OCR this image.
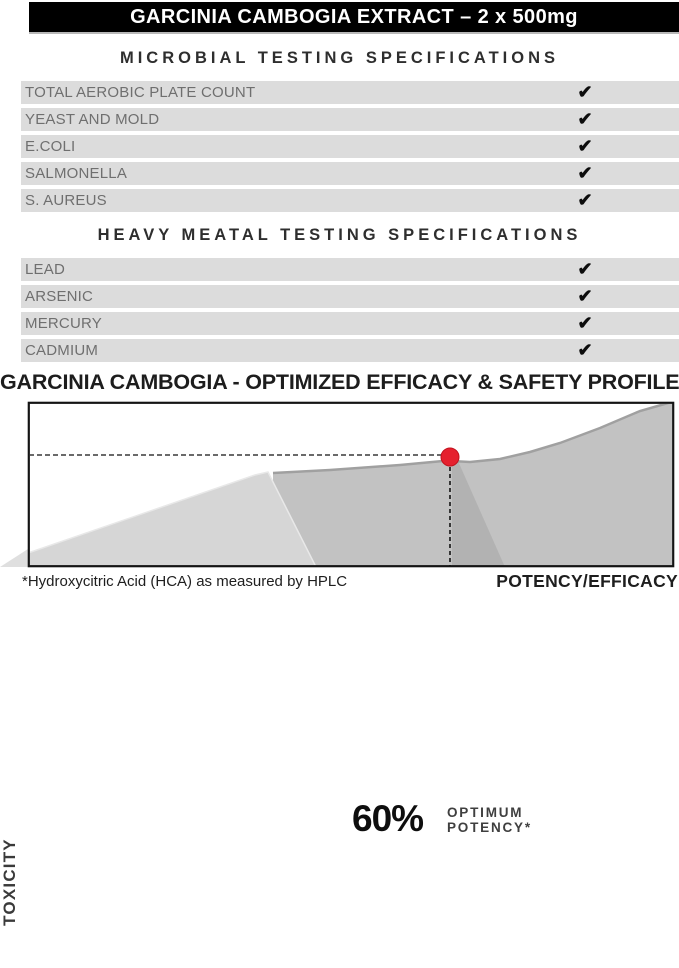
GARCINIA CAMBOGIA EXTRACT – 2 x 500mg
MICROBIAL TESTING SPECIFICATIONS
TOTAL AEROBIC PLATE COUNT	✔
YEAST AND MOLD	✔
E.COLI	✔
SALMONELLA	✔
S. AUREUS	✔
HEAVY MEATAL TESTING SPECIFICATIONS
LEAD	✔
ARSENIC	✔
MERCURY	✔
CADMIUM	✔
GARCINIA CAMBOGIA - OPTIMIZED EFFICACY & SAFETY PROFILE
TOXICITY
60% OPTIMUM
POTENCY*
*Hydroxycitric Acid (HCA) as measured by HPLC	POTENCY/EFFICACY
